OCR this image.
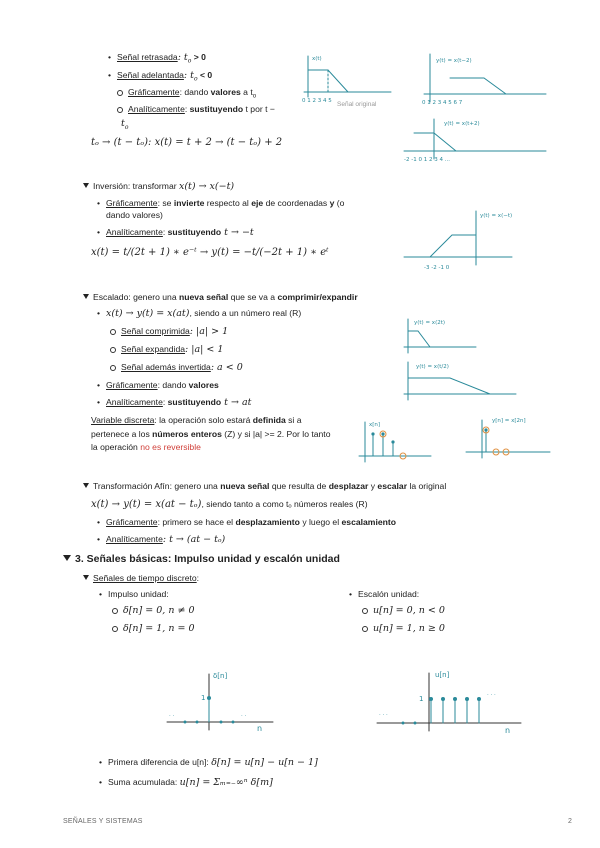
• Señal retrasada: $t_o > 0$
• Señal adelantada: $t_o < 0$
Gráficamente: dando valores a $t_o$
Analíticamente: sustituyendo t por t −
$t_o$
tₒ → (t − tₒ): x(t) = t + 2 → (t − tₒ) + 2
x(t)
0 1 2 3 4 5 Señal original
y(t) = x(t−2)
0 1 2 3 4 5 6 7
y(t) = x(t+2)
-2 -1 0 1 2 3 4 ...
Inversión: transformar x(t) → x(−t)
• Gráficamente: se invierte respecto al eje de coordenadas y (o
dando valores)
• Analíticamente: sustituyendo t → −t
x(t) = t/(2t + 1) ∗ e⁻ᵗ → y(t) = −t/(−2t + 1) ∗ eᵗ
y(t) = x(−t)
-3 -2 -1 0
Escalado: genero una nueva señal que se va a comprimir/expandir
• x(t) → y(t) = x(at), siendo a un número real (R)
Señal comprimida: |a| > 1
Señal expandida: |a| < 1
Señal además invertida: a < 0
• Gráficamente: dando valores
• Analíticamente: sustituyendo t → at
Variable discreta: la operación solo estará definida si a
pertenece a los números enteros (Z) y si |a| >= 2. Por lo tanto
la operación no es reversible
y(t) = x(2t)
y(t) = x(t/2)
x[n]
y[n] = x[2n]
Transformación Afín: genero una nueva señal que resulta de desplazar y escalar la original
x(t) → y(t) = x(at − tₒ), siendo tanto a como tₒ números reales (R)
• Gráficamente: primero se hace el desplazamiento y luego el escalamiento
• Analíticamente: t → (at − tₒ)
3. Señales básicas: Impulso unidad y escalón unidad
Señales de tiempo discreto:
• Impulso unidad:
δ[n] = 0, n ≠ 0
δ[n] = 1, n = 0
• Escalón unidad:
u[n] = 0, n < 0
u[n] = 1, n ≥ 0
. .	. .
δ[n]
1
n
. . .
. . .
u[n]
1
n
• Primera diferencia de u[n]: δ[n] = u[n] − u[n − 1]
• Suma acumulada: u[n] = Σₘ₌₋∞ⁿ δ[m]
SEÑALES Y SISTEMAS	2
